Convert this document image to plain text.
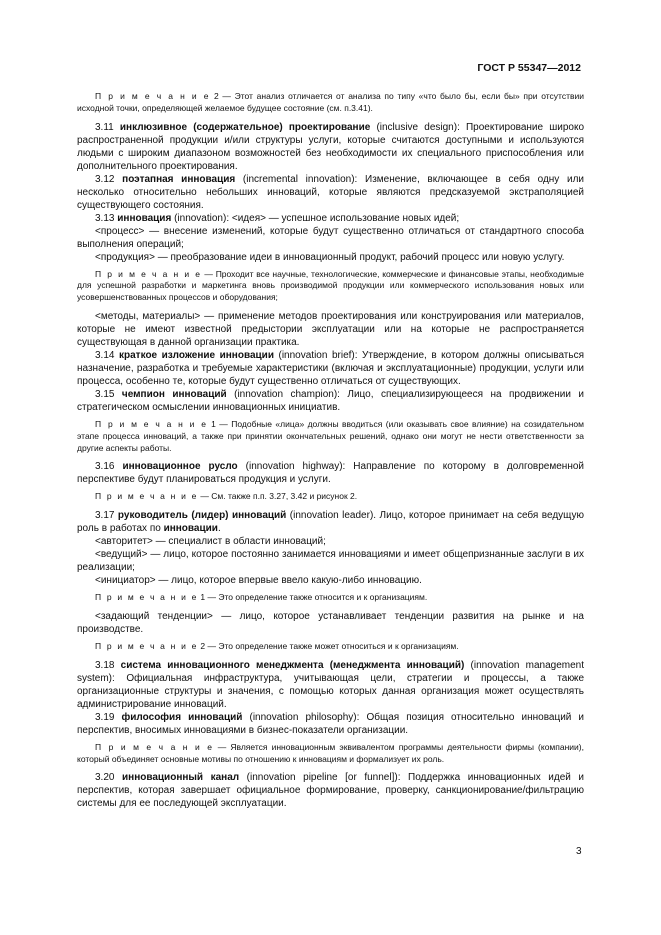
ГОСТ Р 55347—2012

П р и м е ч а н и е 2 — Этот анализ отличается от анализа по типу «что было бы, если бы» при отсутствии исходной точки, определяющей желаемое будущее состояние (см. п.3.41).

3.11 инклюзивное (содержательное) проектирование (inclusive design): Проектирование широко распространенной продукции и/или структуры услуги, которые считаются доступными и используются людьми с широким диапазоном возможностей без необходимости их специального приспособления или дополнительного проектирования.

3.12 поэтапная инновация (incremental innovation): Изменение, включающее в себя одну или несколько относительно небольших инноваций, которые являются предсказуемой экстраполяцией существующего состояния.

3.13 инновация (innovation): <идея> — успешное использование новых идей;

<процесс> — внесение изменений, которые будут существенно отличаться от стандартного способа выполнения операций;

<продукция> — преобразование идеи в инновационный продукт, рабочий процесс или новую услугу.

П р и м е ч а н и е — Проходит все научные, технологические, коммерческие и финансовые этапы, необходимые для успешной разработки и маркетинга вновь производимой продукции или коммерческого использования новых или усовершенствованных процессов и оборудования;

<методы, материалы> — применение методов проектирования или конструирования или материалов, которые не имеют известной предыстории эксплуатации или на которые не распространяется существующая в данной организации практика.

3.14 краткое изложение инновации (innovation brief): Утверждение, в котором должны описываться назначение, разработка и требуемые характеристики (включая и эксплуатационные) продукции, услуги или процесса, особенно те, которые будут существенно отличаться от существующих.

3.15 чемпион инноваций (innovation champion): Лицо, специализирующееся на продвижении и стратегическом осмыслении инновационных инициатив.

П р и м е ч а н и е 1 — Подобные «лица» должны вводиться (или оказывать свое влияние) на созидательном этапе процесса инноваций, а также при принятии окончательных решений, однако они могут не нести ответственности за другие аспекты работы.

3.16 инновационное русло (innovation highway): Направление по которому в долговременной перспективе будут планироваться продукция и услуги.

П р и м е ч а н и е — См. также п.п. 3.27, 3.42 и рисунок 2.

3.17 руководитель (лидер) инноваций (innovation leader). Лицо, которое принимает на себя ведущую роль в работах по инновации.

<авторитет> — специалист в области инноваций;

<ведущий> — лицо, которое постоянно занимается инновациями и имеет общепризнанные заслуги в их реализации;

<инициатор> — лицо, которое впервые ввело какую-либо инновацию.

П р и м е ч а н и е 1 — Это определение также относится и к организациям.

<задающий тенденции> — лицо, которое устанавливает тенденции развития на рынке и на производстве.

П р и м е ч а н и е 2 — Это определение также может относиться и к организациям.

3.18 система инновационного менеджмента (менеджмента инноваций) (innovation management system): Официальная инфраструктура, учитывающая цели, стратегии и процессы, а также организационные структуры и значения, с помощью которых данная организация может осуществлять администрирование инноваций.

3.19 философия инноваций (innovation philosophy): Общая позиция относительно инноваций и перспектив, вносимых инновациями в бизнес-показатели организации.

П р и м е ч а н и е — Является инновационным эквивалентом программы деятельности фирмы (компании), который объединяет основные мотивы по отношению к инновациям и формализует их роль.

3.20 инновационный канал (innovation pipeline [or funnel]): Поддержка инновационных идей и перспектив, которая завершает официальное формирование, проверку, санкционирование/фильтрацию системы для ее последующей эксплуатации.

3
